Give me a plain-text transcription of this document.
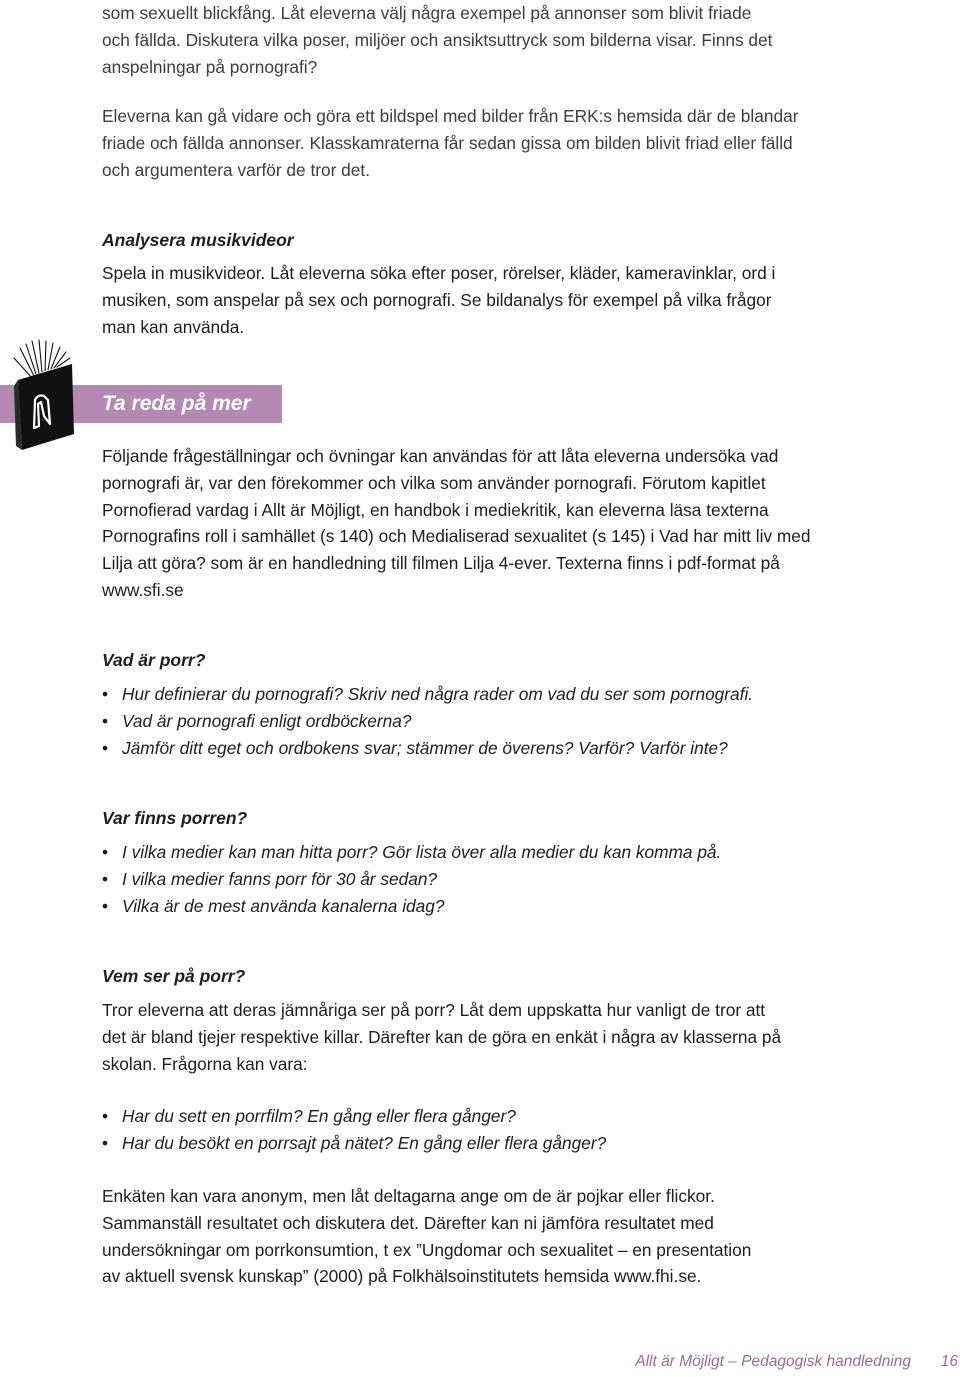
som sexuellt blickfång. Låt eleverna välj några exempel på annonser som blivit friade

och fällda. Diskutera vilka poser, miljöer och ansiktsuttryck som bilderna visar. Finns det

anspelningar på pornografi?

Eleverna kan gå vidare och göra ett bildspel med bilder från ERK:s hemsida där de blandar

friade och fällda annonser. Klasskamraterna får sedan gissa om bilden blivit friad eller fälld

och argumentera varför de tror det.

Analysera musikvideor

Spela in musikvideor. Låt eleverna söka efter poser, rörelser, kläder, kameravinklar, ord i

musiken, som anspelar på sex och pornografi. Se bildanalys för exempel på vilka frågor

man kan använda.

Ta reda på mer

Följande frågeställningar och övningar kan användas för att låta eleverna undersöka vad

pornografi är, var den förekommer och vilka som använder pornografi. Förutom kapitlet

Pornofierad vardag i Allt är Möjligt, en handbok i mediekritik, kan eleverna läsa texterna

Pornografins roll i samhället (s 140) och Medialiserad sexualitet (s 145) i Vad har mitt liv med

Lilja att göra? som är en handledning till filmen Lilja 4-ever. Texterna finns i pdf-format på

www.sfi.se

Vad är porr?
• Hur definierar du pornografi? Skriv ned några rader om vad du ser som pornografi.
• Vad är pornografi enligt ordböckerna?
• Jämför ditt eget och ordbokens svar; stämmer de överens? Varför? Varför inte?
Var finns porren?
• I vilka medier kan man hitta porr? Gör lista över alla medier du kan komma på.
• I vilka medier fanns porr för 30 år sedan?
• Vilka är de mest använda kanalerna idag?
Vem ser på porr?

Tror eleverna att deras jämnåriga ser på porr? Låt dem uppskatta hur vanligt de tror att

det är bland tjejer respektive killar. Därefter kan de göra en enkät i några av klasserna på

skolan. Frågorna kan vara:

• Har du sett en porrfilm? En gång eller flera gånger?
• Har du besökt en porrsajt på nätet? En gång eller flera gånger?

Enkäten kan vara anonym, men låt deltagarna ange om de är pojkar eller flickor.

Sammanställ resultatet och diskutera det. Därefter kan ni jämföra resultatet med

undersökningar om porrkonsumtion, t ex ”Ungdomar och sexualitet – en presentation

av aktuell svensk kunskap” (2000) på Folkhälsoinstitutets hemsida www.fhi.se.

Allt är Möjligt – Pedagogisk handledning 16
